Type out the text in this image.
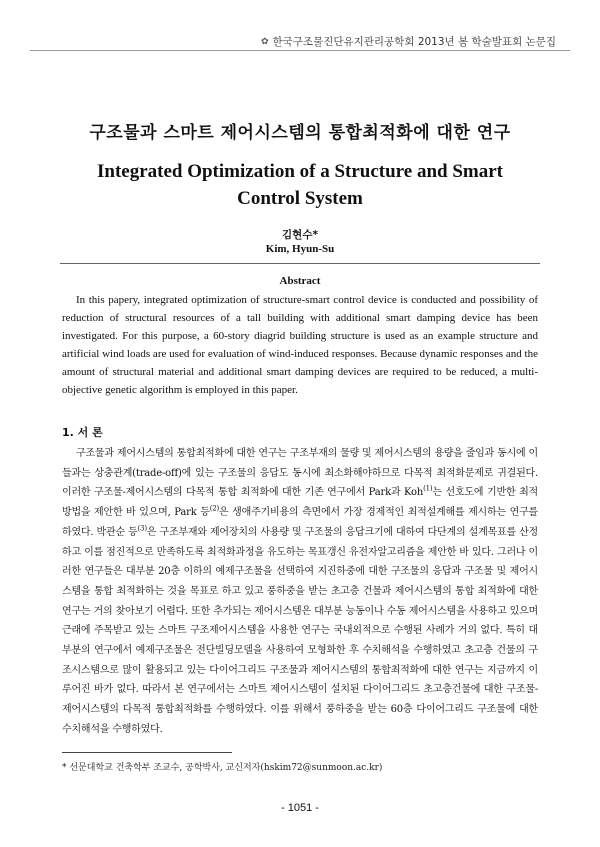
✿ 한국구조물진단유지관리공학회 2013년 봄 학술발표회 논문집
구조물과 스마트 제어시스템의 통합최적화에 대한 연구
Integrated Optimization of a Structure and Smart Control System
김현수*
Kim, Hyun-Su
Abstract

In this papery, integrated optimization of structure-smart control device is conducted and possibility of reduction of structural resources of a tall building with additional smart damping device has been investigated. For this purpose, a 60-story diagrid building structure is used as an example structure and artificial wind loads are used for evaluation of wind-induced responses. Because dynamic responses and the amount of structural material and additional smart damping devices are required to be reduced, a multi-objective genetic algorithm is employed in this paper.

1. 서 론

구조물과 제어시스템의 통합최적화에 대한 연구는 구조부재의 물량 및 제어시스템의 용량을 줄임과 동시에 이들과는 상충관계(trade-off)에 있는 구조물의 응답도 동시에 최소화해야하므로 다목적 최적화문제로 귀결된다. 이러한 구조물-제어시스템의 다목적 통합 최적화에 대한 기존 연구에서 Park과 Koh$^{(1)}$는 선호도에 기반한 최적 방법을 제안한 바 있으며, Park 등$^{(2)}$은 생애주기비용의 측면에서 가장 경제적인 최적설계해를 제시하는 연구를 하였다. 박관순 등$^{(3)}$은 구조부재와 제어장치의 사용량 및 구조물의 응답크기에 대하여 다단계의 설계목표를 산정하고 이를 점진적으로 만족하도록 최적화과정을 유도하는 목표갱신 유전자알고리즘을 제안한 바 있다. 그러나 이러한 연구들은 대부분 20층 이하의 예제구조물을 선택하여 지진하중에 대한 구조물의 응답과 구조물 및 제어시스템을 통합 최적화하는 것을 목표로 하고 있고 풍하중을 받는 초고층 건물과 제어시스템의 통합 최적화에 대한 연구는 거의 찾아보기 어렵다. 또한 추가되는 제어시스템은 대부분 능동이나 수동 제어시스템을 사용하고 있으며 근래에 주목받고 있는 스마트 구조제어시스템을 사용한 연구는 국내외적으로 수행된 사례가 거의 없다. 특히 대부분의 연구에서 예제구조물은 전단빌딩모델을 사용하여 모형화한 후 수치해석을 수행하였고 초고층 건물의 구조시스템으로 많이 활용되고 있는 다이어그리드 구조물과 제어시스템의 통합최적화에 대한 연구는 지금까지 이루어진 바가 없다. 따라서 본 연구에서는 스마트 제어시스템이 설치된 다이어그리드 초고층건물에 대한 구조물-제어시스템의 다목적 통합최적화를 수행하였다. 이를 위해서 풍하중을 받는 60층 다이어그리드 구조물에 대한 수치해석을 수행하였다.

* 선문대학교 건축학부 조교수, 공학박사, 교신저자(hskim72@sunmoon.ac.kr)
- 1051 -
